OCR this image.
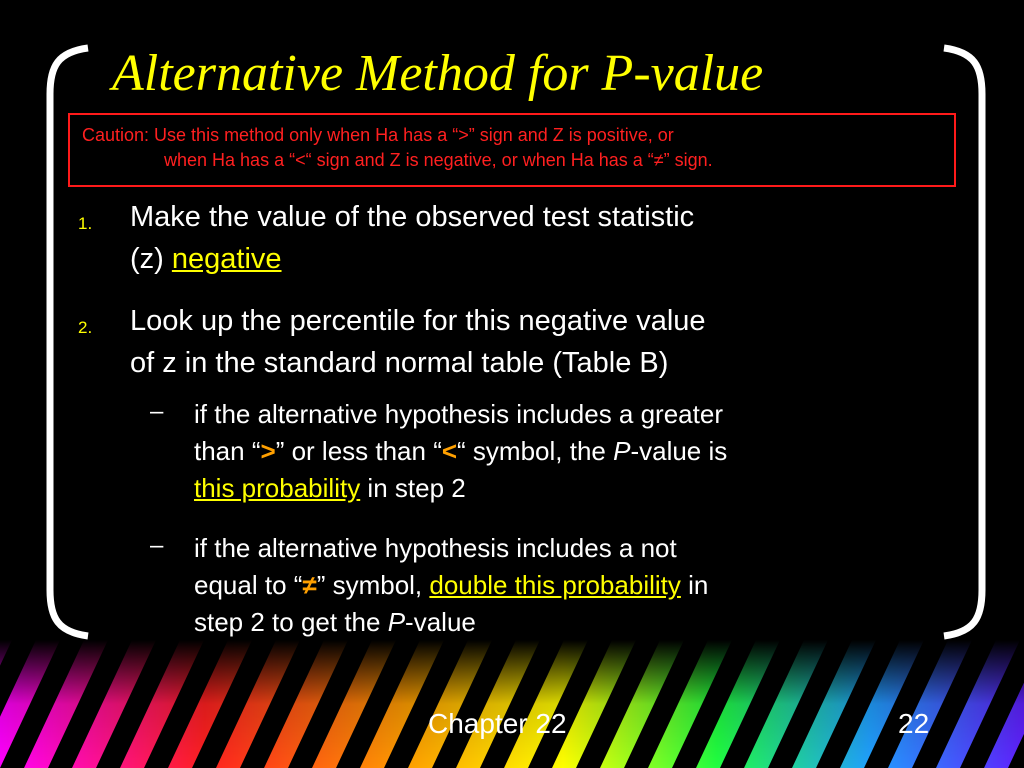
Alternative Method for P-value
Caution: Use this method only when Ha has a “>” sign and Z is positive, or
when Ha has a “<“ sign and Z is negative, or when Ha has a “≠” sign.
1. Make the value of the observed test statistic
(z) negative
2. Look up the percentile for this negative value
of z in the standard normal table (Table B)
– if the alternative hypothesis includes a greater
than “>” or less than “<“ symbol, the P-value is
this probability in step 2
– if the alternative hypothesis includes a not
equal to “≠” symbol, double this probability in
step 2 to get the P-value
Chapter 22	22
